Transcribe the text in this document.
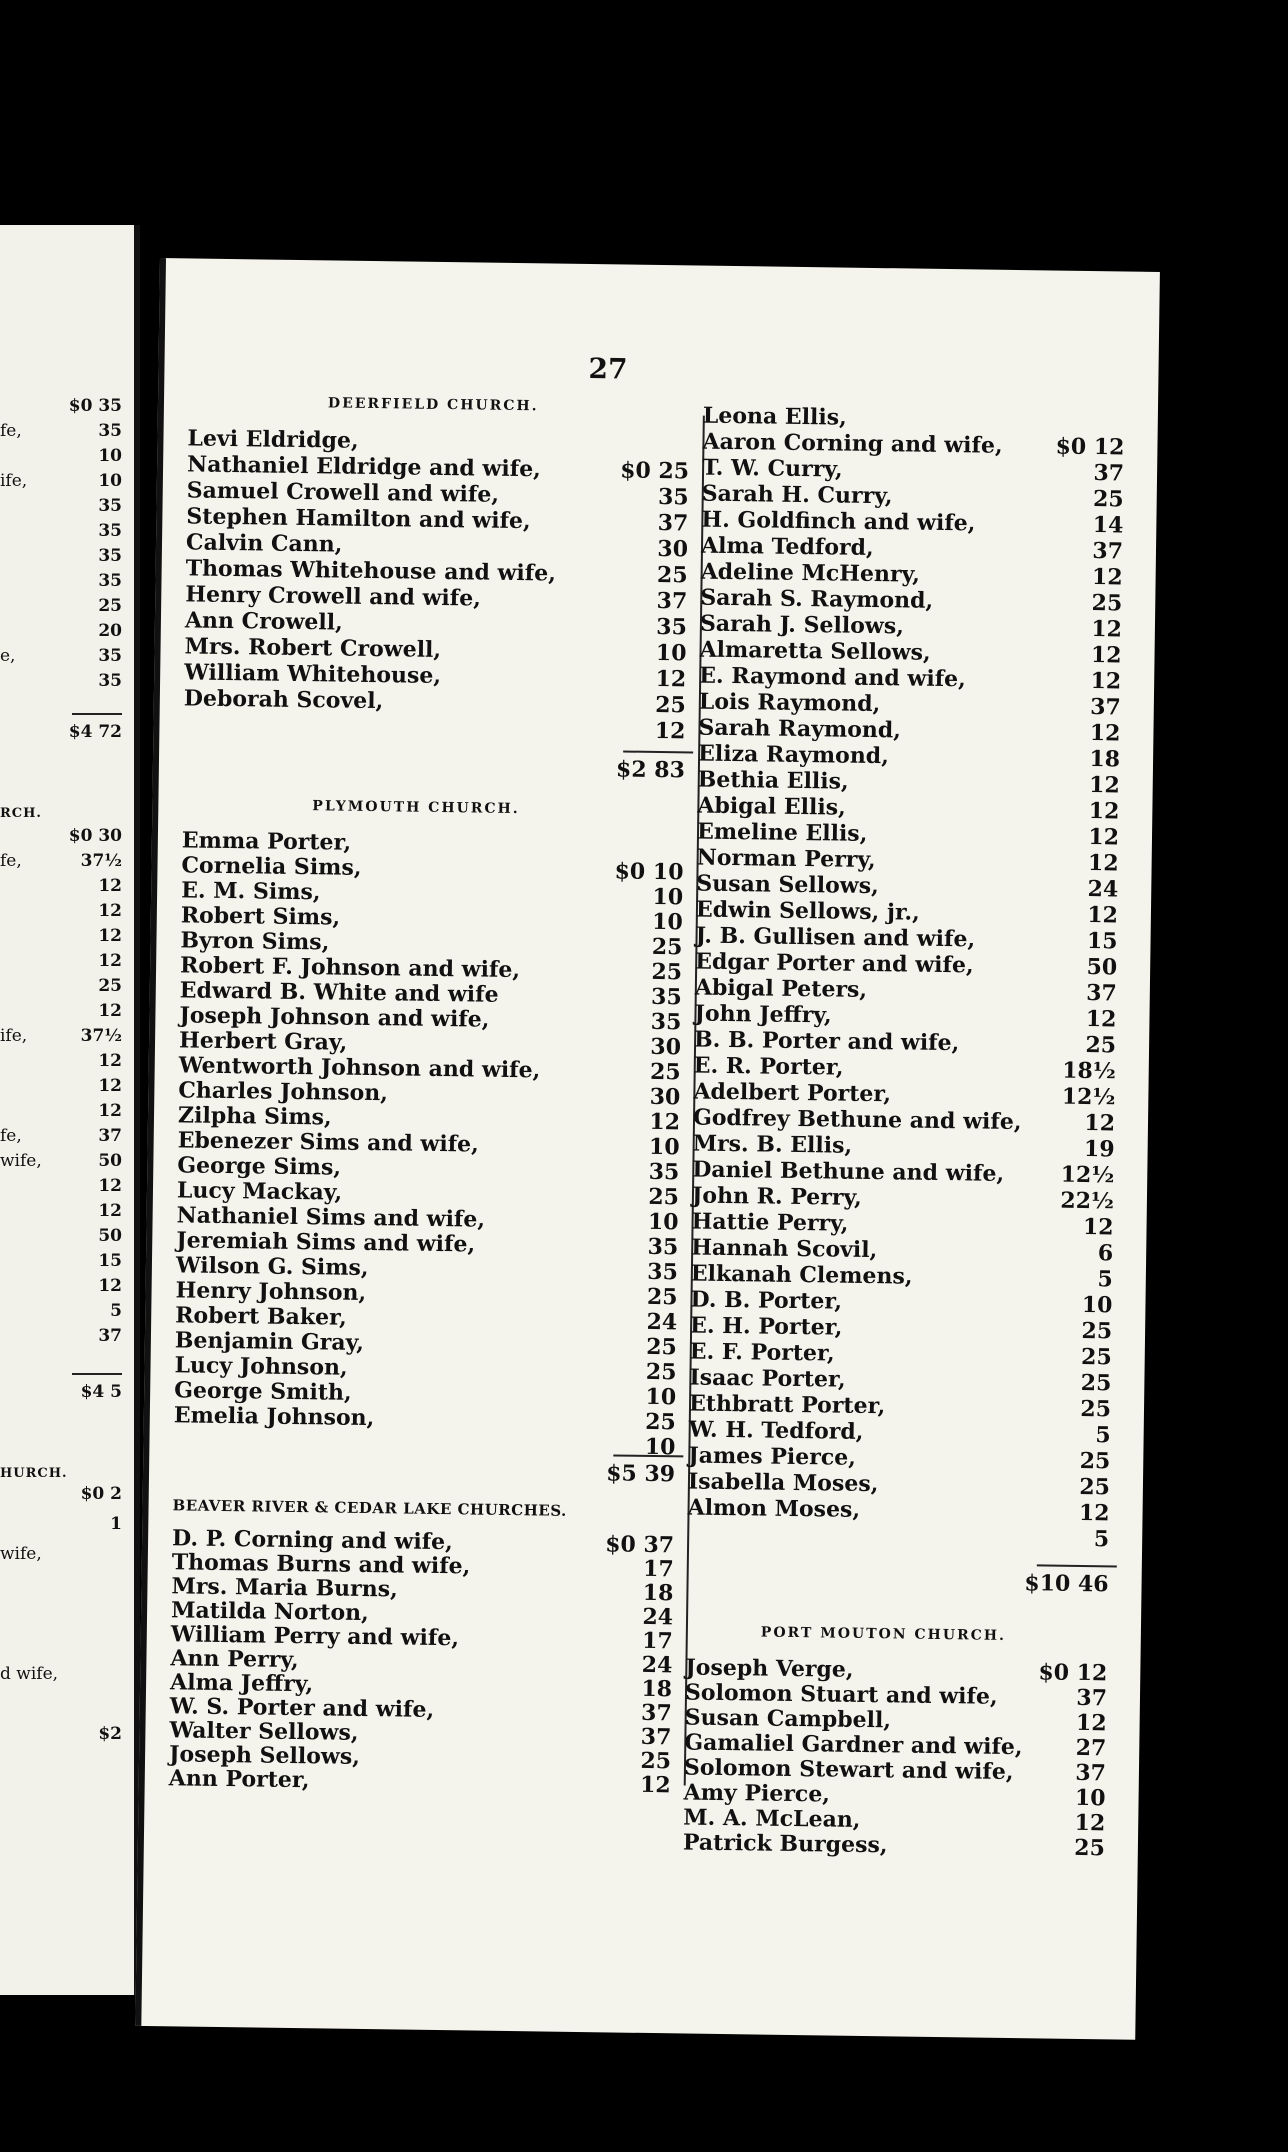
$0 35
fe,	35
10
ife,	10
35
35
35
35
25
20
e,	35
35
$4 72
RCH.
$0 30
fe,	37½
12
12
12
12
25
12
ife,	37½
12
12
12
fe,	37
wife,	50
12
12
50
15
12
5
37
$4 5
HURCH.
$0 2
1
wife,
d wife,
$2
27
DEERFIELD CHURCH.
Levi Eldridge,
Nathaniel Eldridge and wife,	$0 25
Samuel Crowell and wife,	35
Stephen Hamilton and wife,	37
Calvin Cann,	30
Thomas Whitehouse and wife,	25
Henry Crowell and wife,	37
Ann Crowell,	35
Mrs. Robert Crowell,	10
William Whitehouse,	12
Deborah Scovel,	25
12
$2 83
PLYMOUTH CHURCH.
Emma Porter,
Cornelia Sims,	$0 10
E. M. Sims,	10
Robert Sims,	10
Byron Sims,	25
Robert F. Johnson and wife,	25
Edward B. White and wife	35
Joseph Johnson and wife,	35
Herbert Gray,	30
Wentworth Johnson and wife,	25
Charles Johnson,	30
Zilpha Sims,	12
Ebenezer Sims and wife,	10
George Sims,	35
Lucy Mackay,	25
Nathaniel Sims and wife,	10
Jeremiah Sims and wife,	35
Wilson G. Sims,	35
Henry Johnson,	25
Robert Baker,	24
Benjamin Gray,	25
Lucy Johnson,	25
George Smith,	10
Emelia Johnson,	25
10
$5 39
BEAVER RIVER & CEDAR LAKE CHURCHES.
D. P. Corning and wife,	$0 37
Thomas Burns and wife,	17
Mrs. Maria Burns,	18
Matilda Norton,	24
William Perry and wife,	17
Ann Perry,	24
Alma Jeffry,	18
W. S. Porter and wife,	37
Walter Sellows,	37
Joseph Sellows,	25
Ann Porter,	12
Leona Ellis,
Aaron Corning and wife, $0 12
T. W. Curry,	37
Sarah H. Curry,	25
H. Goldfinch and wife,	14
Alma Tedford,	37
Adeline McHenry,	12
Sarah S. Raymond,	25
Sarah J. Sellows,	12
Almaretta Sellows,	12
E. Raymond and wife,	12
Lois Raymond,	37
Sarah Raymond,	12
Eliza Raymond,	18
Bethia Ellis,	12
Abigal Ellis,	12
Emeline Ellis,	12
Norman Perry,	12
Susan Sellows,	24
Edwin Sellows, jr.,	12
J. B. Gullisen and wife,	15
Edgar Porter and wife,	50
Abigal Peters,	37
John Jeffry,	12
B. B. Porter and wife,	25
E. R. Porter,	18½
Adelbert Porter,	12½
Godfrey Bethune and wife,	12
Mrs. B. Ellis,	19
Daniel Bethune and wife,	12½
John R. Perry,	22½
Hattie Perry,	12
Hannah Scovil,	6
Elkanah Clemens,	5
D. B. Porter,	10
E. H. Porter,	25
E. F. Porter,	25
Isaac Porter,	25
Ethbratt Porter,	25
W. H. Tedford,	5
James Pierce,	25
Isabella Moses,	25
Almon Moses,	12
5
$10 46
PORT MOUTON CHURCH.
Joseph Verge,	$0 12
Solomon Stuart and wife,	37
Susan Campbell,	12
Gamaliel Gardner and wife, 27
Solomon Stewart and wife,	37
Amy Pierce,	10
M. A. McLean,	12
Patrick Burgess,	25
